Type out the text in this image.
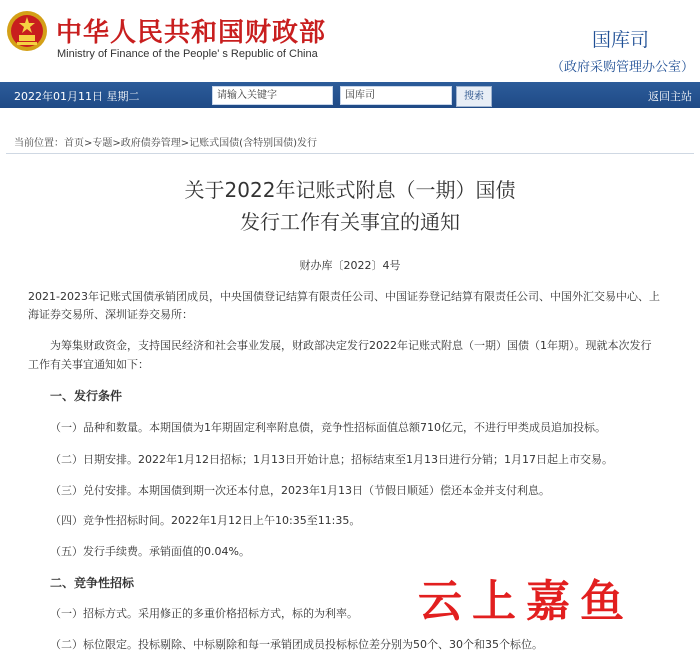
中华人民共和国财政部
Ministry of Finance of the People' s Republic of China
国库司
（政府采购管理办公室）
2022年01月11日 星期二	请输入关键字	国库司	搜索	返回主站
当前位置：首页>专题>政府债券管理>记账式国债(含特别国债)发行
关于2022年记账式附息（一期）国债
发行工作有关事宜的通知
财办库〔2022〕4号
2021-2023年记账式国债承销团成员，中央国债登记结算有限责任公司、中国证券登记结算有限责任公司、中国外汇交易中心、上
海证券交易所、深圳证券交易所：
为筹集财政资金，支持国民经济和社会事业发展，财政部决定发行2022年记账式附息（一期）国债（1年期）。现就本次发行
工作有关事宜通知如下：
一、发行条件
（一）品种和数量。本期国债为1年期固定利率附息债，竞争性招标面值总额710亿元，不进行甲类成员追加投标。
（二）日期安排。2022年1月12日招标；1月13日开始计息；招标结束至1月13日进行分销；1月17日起上市交易。
（三）兑付安排。本期国债到期一次还本付息，2023年1月13日（节假日顺延）偿还本金并支付利息。
（四）竞争性招标时间。2022年1月12日上午10:35至11:35。
（五）发行手续费。承销面值的0.04%。
二、竞争性招标
（一）招标方式。采用修正的多重价格招标方式，标的为利率。
（二）标位限定。投标剔除、中标剔除和每一承销团成员投标标位差分别为50个、30个和35个标位。
云上嘉鱼
